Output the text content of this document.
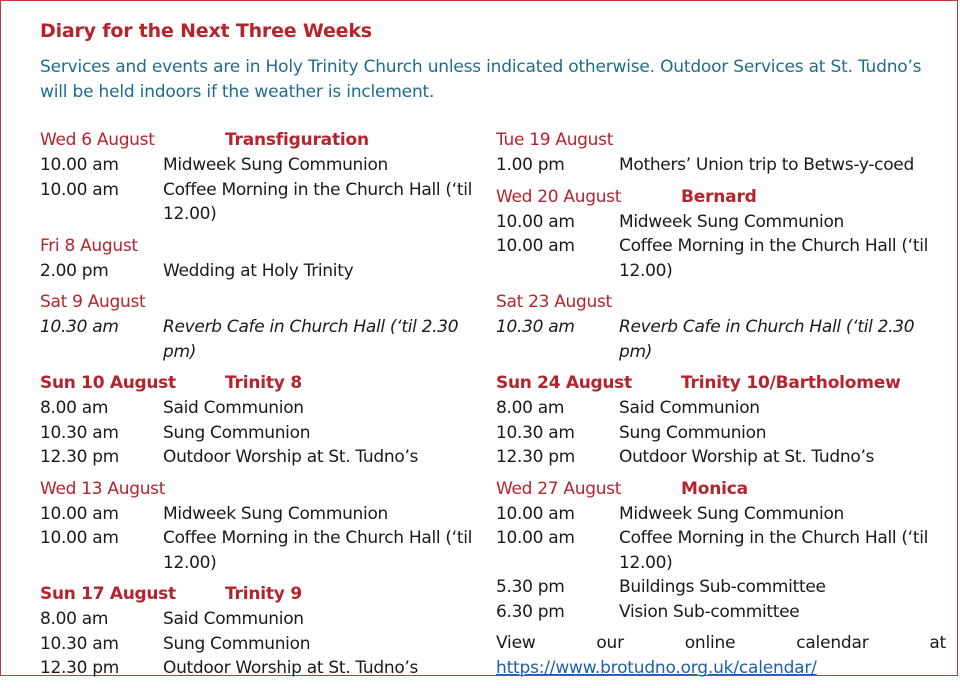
Diary for the Next Three Weeks
Services and events are in Holy Trinity Church unless indicated otherwise. Outdoor Services at St. Tudno’s will be held indoors if the weather is inclement.
Wed 6 August	Transfiguration
10.00 am	Midweek Sung Communion
10.00 am	Coffee Morning in the Church Hall (‘til 12.00)
Fri 8 August
2.00 pm	Wedding at Holy Trinity
Sat 9 August
10.30 am	Reverb Cafe in Church Hall (‘til 2.30 pm)
Sun 10 August	Trinity 8
8.00 am	Said Communion
10.30 am	Sung Communion
12.30 pm	Outdoor Worship at St. Tudno’s
Wed 13 August
10.00 am	Midweek Sung Communion
10.00 am	Coffee Morning in the Church Hall (‘til 12.00)
Sun 17 August	Trinity 9
8.00 am	Said Communion
10.30 am	Sung Communion
12.30 pm	Outdoor Worship at St. Tudno’s
Tue 19 August
1.00 pm	Mothers’ Union trip to Betws-y-coed
Wed 20 August	Bernard
10.00 am	Midweek Sung Communion
10.00 am	Coffee Morning in the Church Hall (‘til 12.00)
Sat 23 August
10.30 am	Reverb Cafe in Church Hall (‘til 2.30 pm)
Sun 24 August	Trinity 10/Bartholomew
8.00 am	Said Communion
10.30 am	Sung Communion
12.30 pm	Outdoor Worship at St. Tudno’s
Wed 27 August	Monica
10.00 am	Midweek Sung Communion
10.00 am	Coffee Morning in the Church Hall (‘til 12.00)
5.30 pm	Buildings Sub-committee
6.30 pm	Vision Sub-committee
View our online calendar at https://www.brotudno.org.uk/calendar/
